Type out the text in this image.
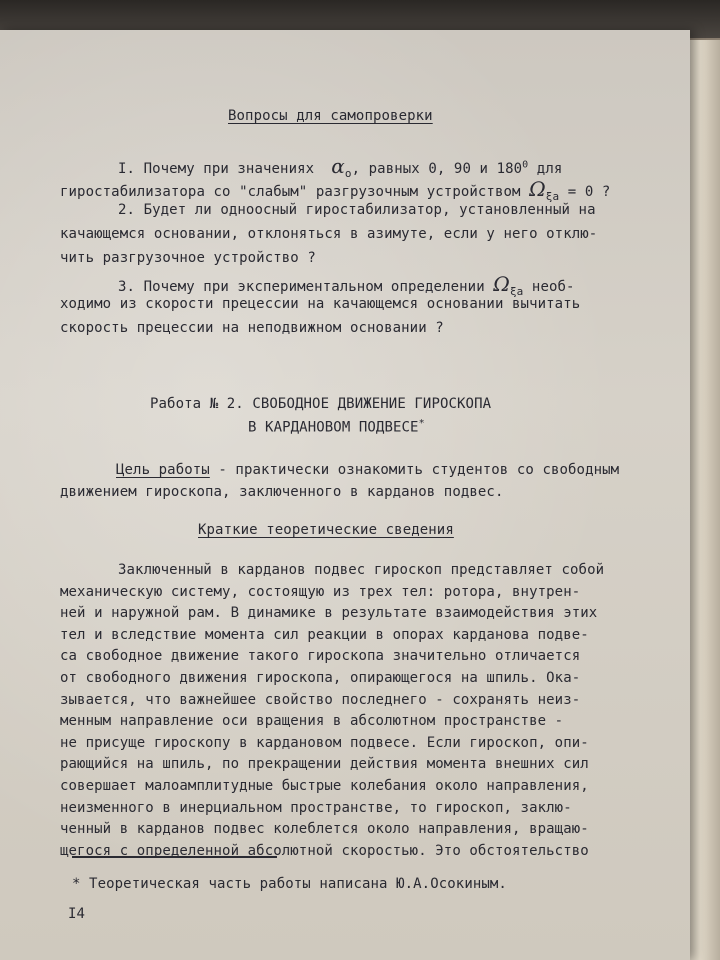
Вопросы для самопроверки
I. Почему при значениях $\alpha_o$, равных 0, 90 и $180^0$ для
гиростабилизатора со "слабым" разгрузочным устройством $\Omega_{\xi a} = 0$ ?
2. Будет ли одноосный гиростабилизатор, установленный на
качающемся основании, отклоняться в азимуте, если у него отклю-
чить разгрузочное устройство ?
3. Почему при экспериментальном определении $\Omega_{\xi a}$ необ-
ходимо из скорости прецессии на качающемся основании вычитать
скорость прецессии на неподвижном основании ?
Работа № 2. СВОБОДНОЕ ДВИЖЕНИЕ ГИРОСКОПА
В КАРДАНОВОМ ПОДВЕСЕ*
Цель работы - практически ознакомить студентов со свободным
движением гироскопа, заключенного в карданов подвес.
Краткие теоретические сведения
Заключенный в карданов подвес гироскоп представляет собой
механическую систему, состоящую из трех тел: ротора, внутрен-
ней и наружной рам. В динамике в результате взаимодействия этих
тел и вследствие момента сил реакции в опорах карданова подве-
са свободное движение такого гироскопа значительно отличается
от свободного движения гироскопа, опирающегося на шпиль. Ока-
зывается, что важнейшее свойство последнего - сохранять неиз-
менным направление оси вращения в абсолютном пространстве -
не присуще гироскопу в кардановом подвесе. Если гироскоп, опи-
рающийся на шпиль, по прекращении действия момента внешних сил
совершает малоамплитудные быстрые колебания около направления,
неизменного в инерциальном пространстве, то гироскоп, заклю-
* Теоретическая часть работы написана Ю.А.Осокиным.
I4
ченный в карданов подвес колеблется около направления, вращаю-
щегося с определенной абсолютной скоростью. Это обстоятельство
